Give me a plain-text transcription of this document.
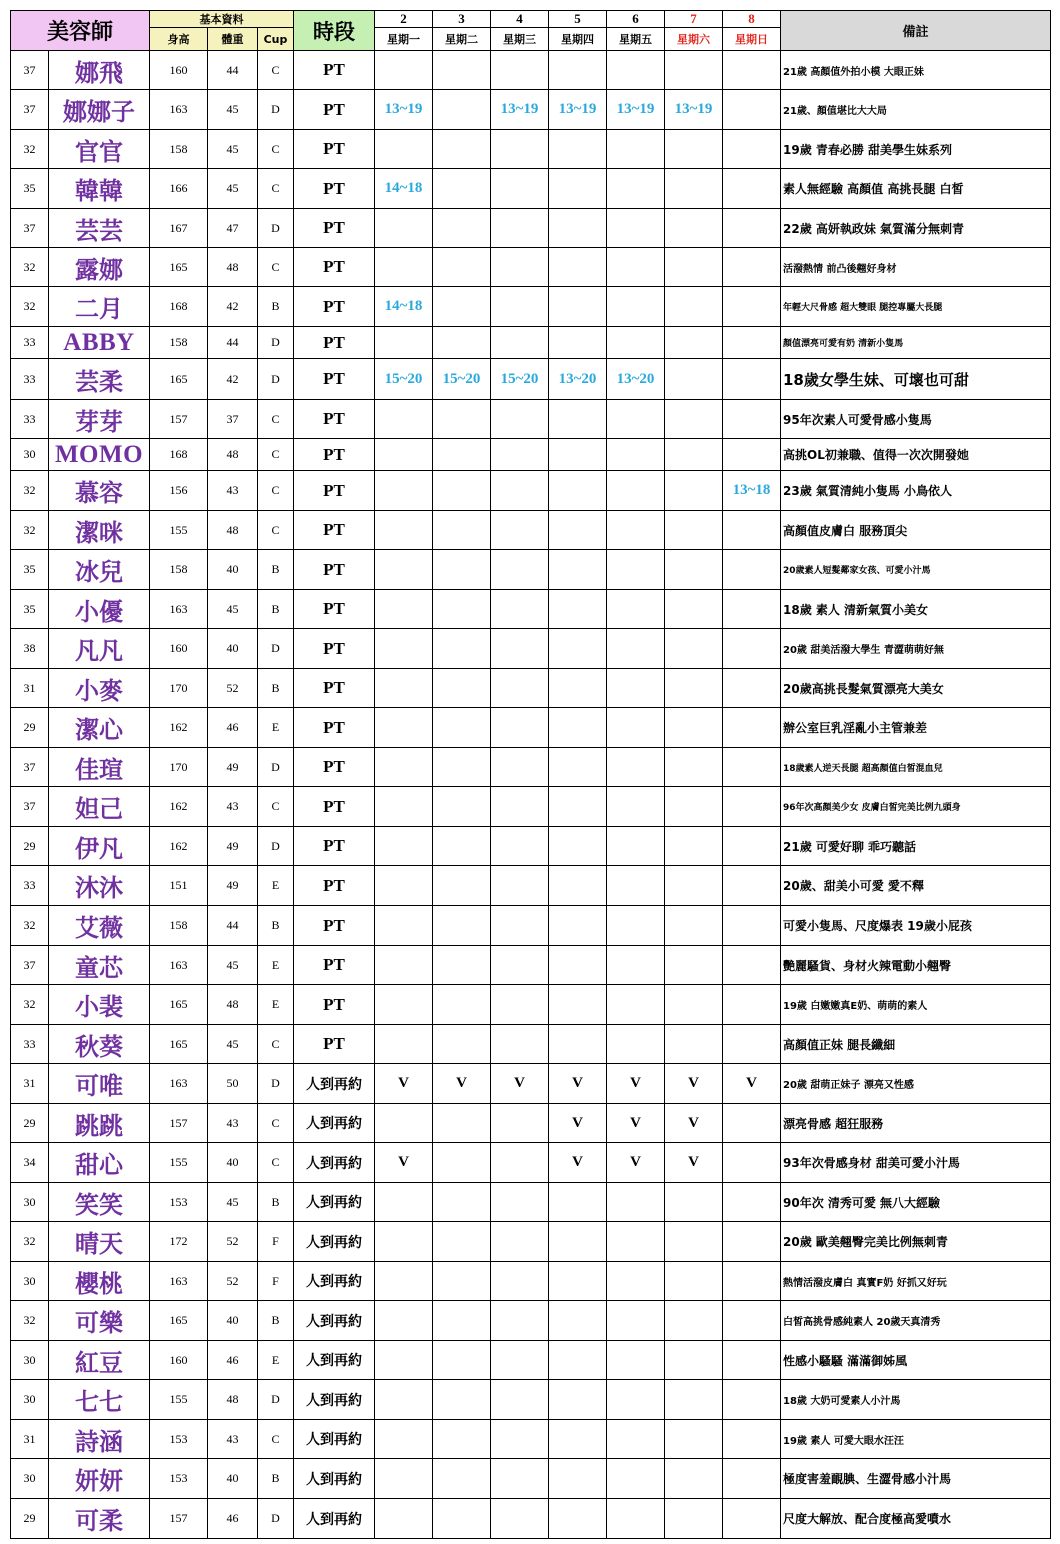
美容師		基本資料			時段	2	3	4	5	6	7	8	備註
		身高	體重	Cup		星期一	星期二	星期三	星期四	星期五	星期六	星期日	
37	娜飛	160	44	C	PT								21歲 高顏值外拍小模 大眼正妹
37	娜娜子	163	45	D	PT	13~19		13~19	13~19	13~19	13~19		21歲、顏值堪比大大局
32	官官	158	45	C	PT								19歲 青春必勝 甜美學生妹系列
35	韓韓	166	45	C	PT	14~18							素人無經驗 高顏值 高挑長腿 白皙
37	芸芸	167	47	D	PT								22歲 高妍執政妹 氣質滿分無刺青
32	露娜	165	48	C	PT								活潑熱情 前凸後翹好身材
32	二月	168	42	B	PT	14~18							年輕大尺骨感 超大雙眼 腿控專屬大長腿
33	ABBY	158	44	D	PT								顏值漂亮可愛有奶 清新小隻馬
33	芸柔	165	42	D	PT	15~20	15~20	15~20	13~20	13~20			18歲女學生妹、可壞也可甜
33	芽芽	157	37	C	PT								95年次素人可愛骨感小隻馬
30	MOMO	168	48	C	PT								高挑OL初兼職、值得一次次開發她
32	慕容	156	43	C	PT							13~18	23歲 氣質清純小隻馬 小鳥依人
32	潔咪	155	48	C	PT								高顏值皮膚白 服務頂尖
35	冰兒	158	40	B	PT								20歲素人短髮鄰家女孩、可愛小汁馬
35	小優	163	45	B	PT								18歲 素人 清新氣質小美女
38	凡凡	160	40	D	PT								20歲 甜美活潑大學生 青澀萌萌好無
31	小麥	170	52	B	PT								20歲高挑長髮氣質漂亮大美女
29	潔心	162	46	E	PT								辦公室巨乳淫亂小主管兼差
37	佳瑄	170	49	D	PT								18歲素人逆天長腿 超高顏值白皙混血兒
37	妲己	162	43	C	PT								96年次高顏美少女 皮膚白皙完美比例九頭身
29	伊凡	162	49	D	PT								21歲 可愛好聊 乖巧聽話
33	沐沐	151	49	E	PT								20歲、甜美小可愛 愛不釋
32	艾薇	158	44	B	PT								可愛小隻馬、尺度爆表 19歲小屁孩
37	童芯	163	45	E	PT								艷麗騷貨、身材火辣電動小翹臀
32	小裴	165	48	E	PT								19歲 白嫩嫩真E奶、萌萌的素人
33	秋葵	165	45	C	PT								高顏值正妹 腿長纖細
31	可唯	163	50	D	人到再約	V	V	V	V	V	V	V	20歲 甜萌正妹子 漂亮又性感
29	跳跳	157	43	C	人到再約				V	V	V		漂亮骨感 超狂服務
34	甜心	155	40	C	人到再約	V			V	V	V		93年次骨感身材 甜美可愛小汁馬
30	笑笑	153	45	B	人到再約								90年次 清秀可愛 無八大經驗
32	晴天	172	52	F	人到再約								20歲 歐美翹臀完美比例無刺青
30	櫻桃	163	52	F	人到再約								熱情活潑皮膚白 真實F奶 好抓又好玩
32	可樂	165	40	B	人到再約								白皙高挑骨感純素人 20歲天真清秀
30	紅豆	160	46	E	人到再約								性感小騷騷 滿滿御姊風
30	七七	155	48	D	人到再約								18歲 大奶可愛素人小汁馬
31	詩涵	153	43	C	人到再約								19歲 素人 可愛大眼水汪汪
30	妍妍	153	40	B	人到再約								極度害羞靦腆、生澀骨感小汁馬
29	可柔	157	46	D	人到再約								尺度大解放、配合度極高愛噴水
